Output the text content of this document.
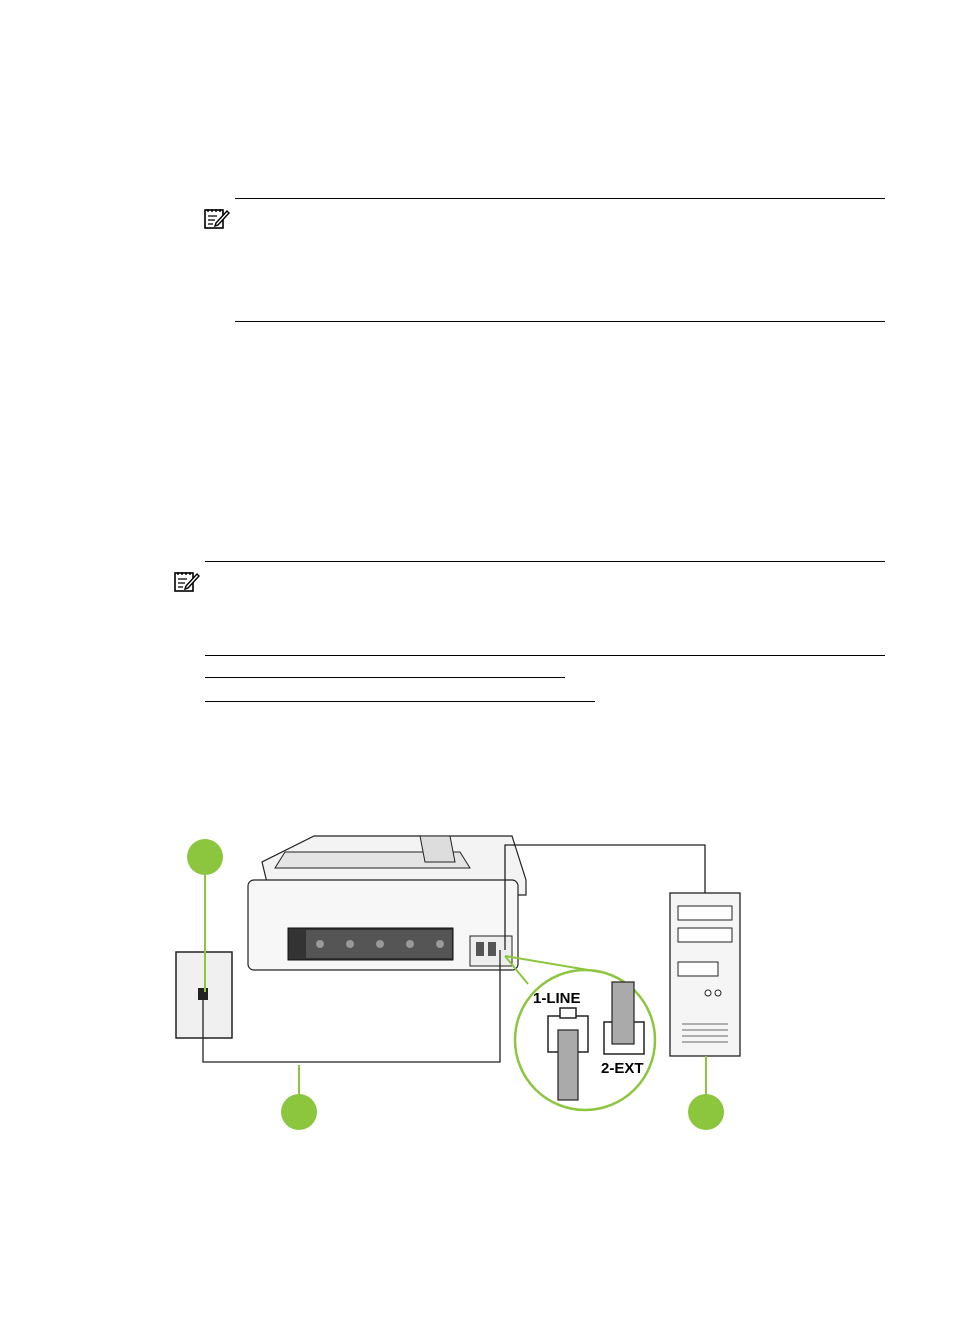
1-LINE
2-EXT
